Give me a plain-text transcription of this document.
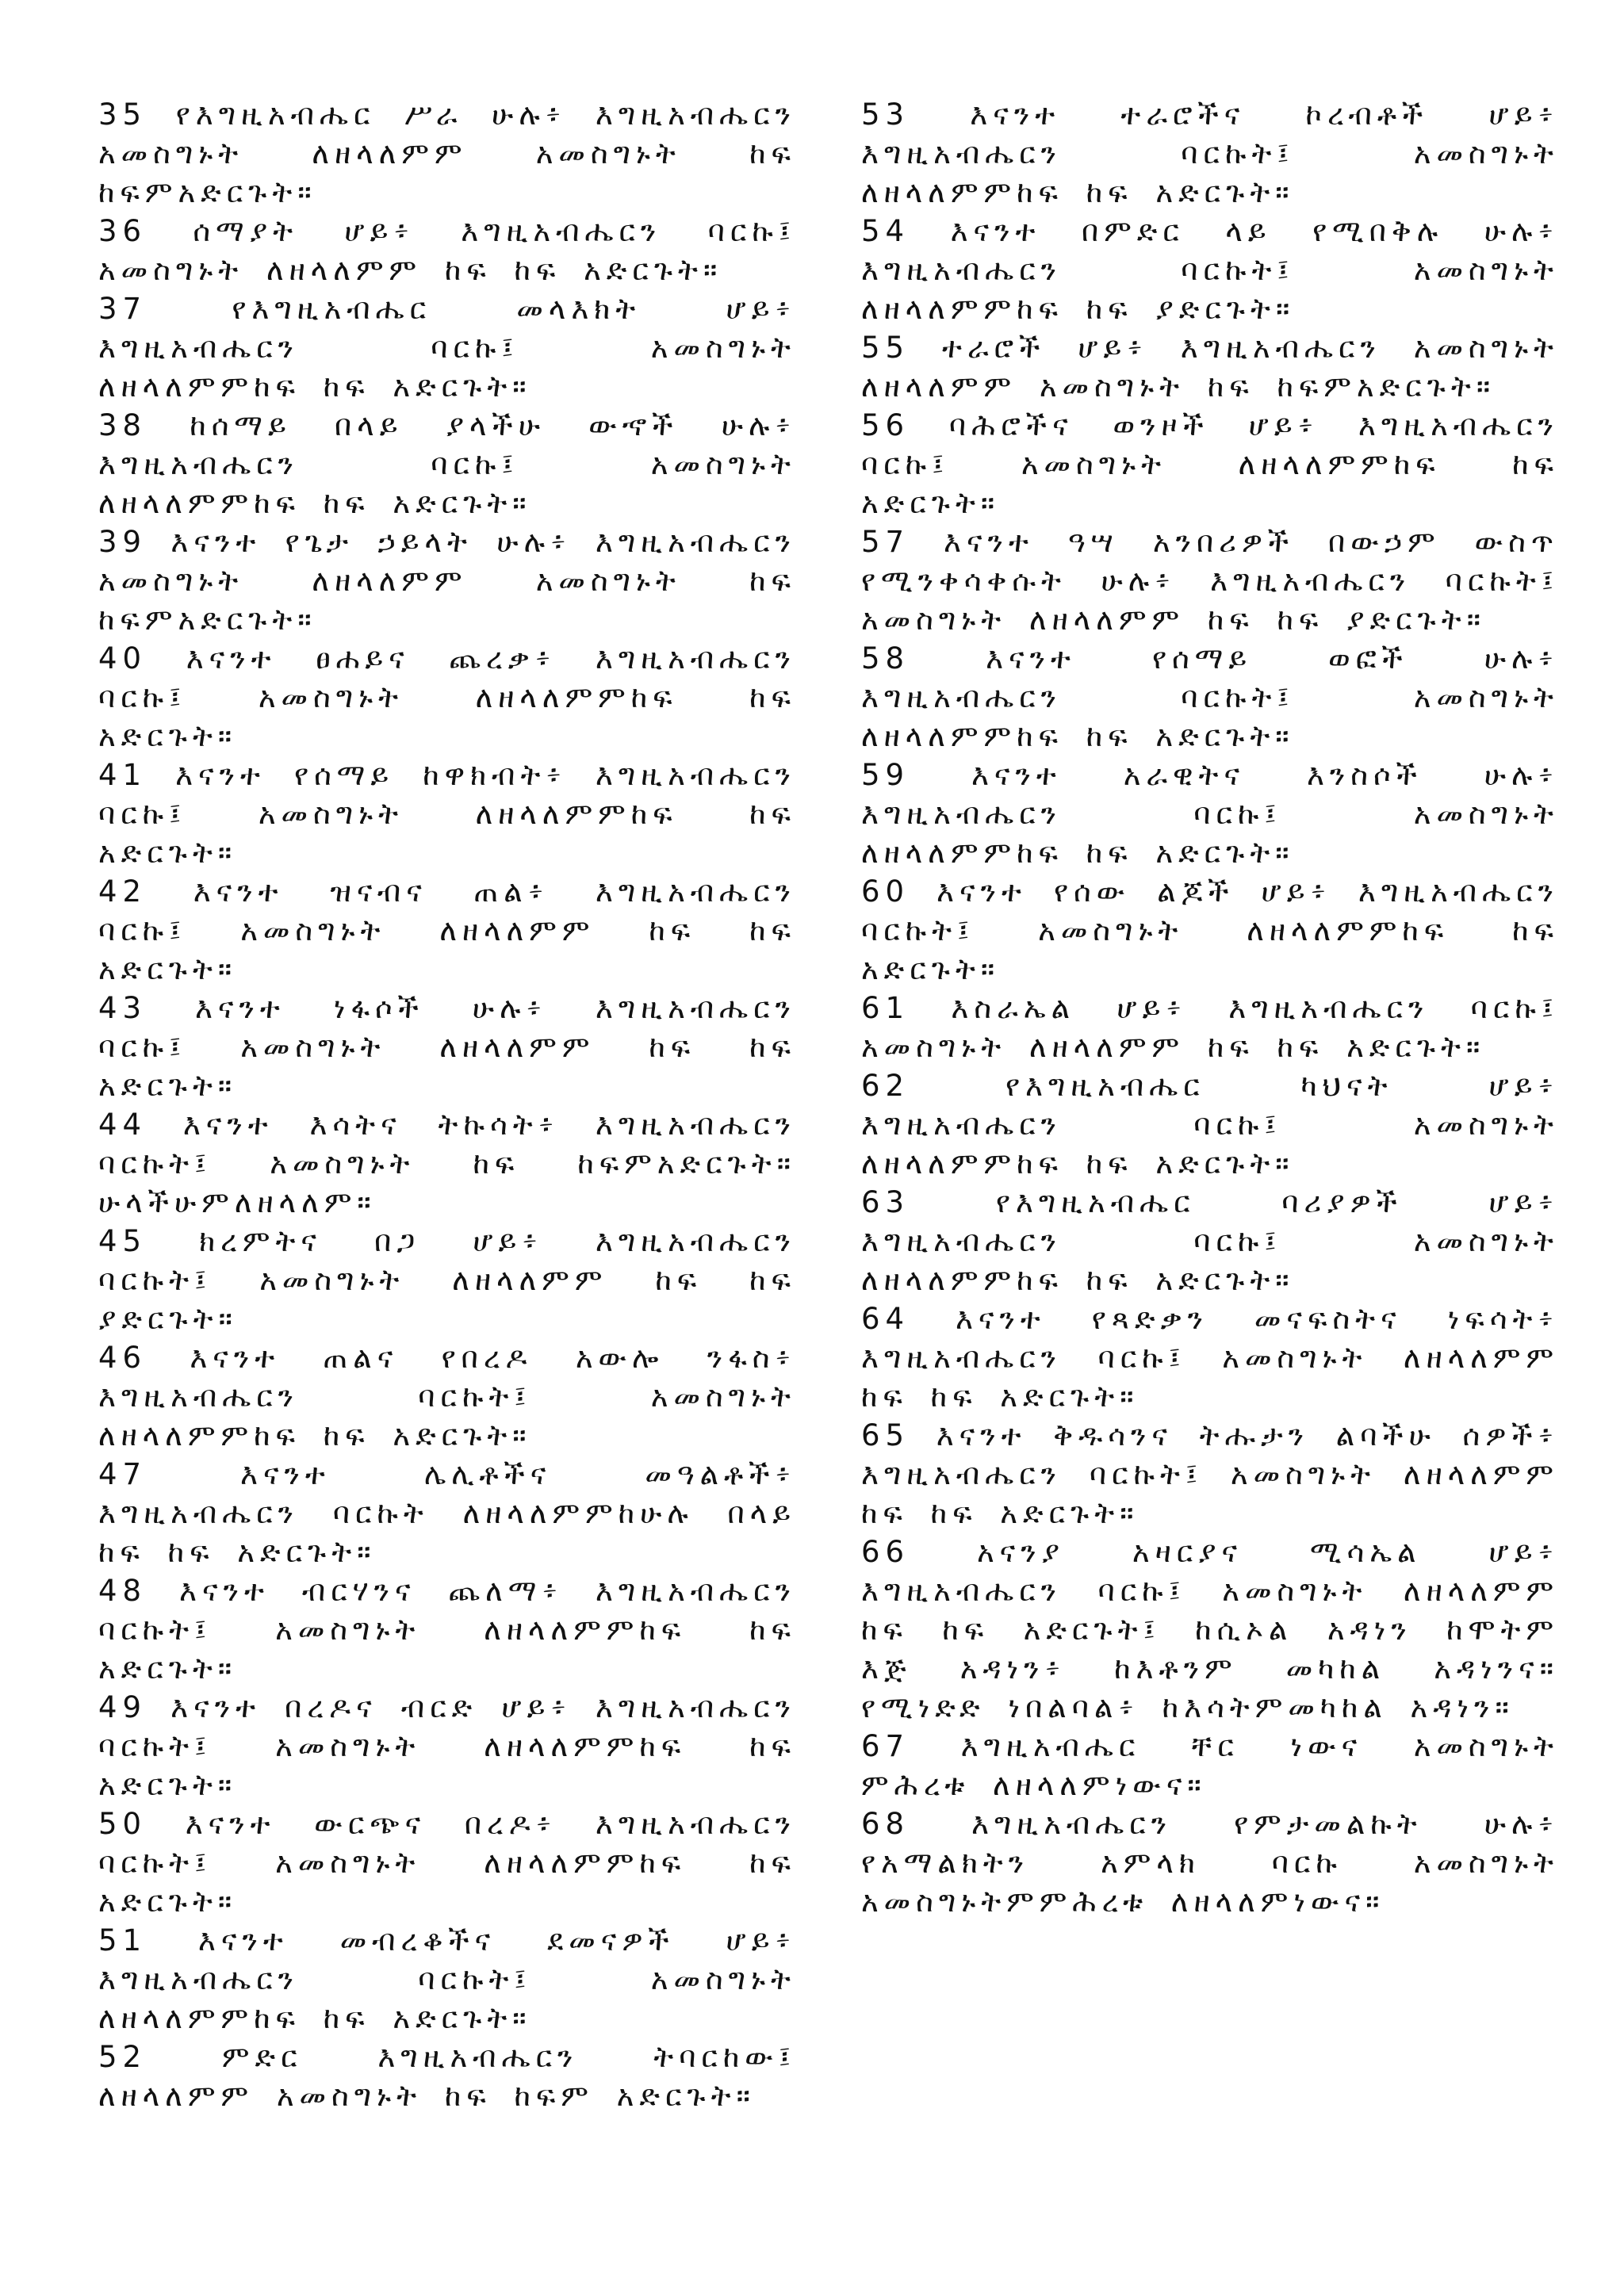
35 የእግዚአብሔር ሥራ ሁሉ፥ እግዚአብሔርን አመስግኑት ለዘላለምም አመስግኑት ከፍ ከፍምአድርጉት።

36 ሰማያት ሆይ፥ እግዚአብሔርን ባርኩ፤ አመስግኑት ለዘላለምም ከፍ ከፍ አድርጉት።

37 የእግዚአብሔር መላእክት ሆይ፥ እግዚአብሔርን ባርኩ፤ አመስግኑት ለዘላለምምከፍ ከፍ አድርጉት።

38 ከሰማይ በላይ ያላችሁ ውኆች ሁሉ፥ እግዚአብሔርን ባርኩ፤ አመስግኑት ለዘላለምምከፍ ከፍ አድርጉት።

39 እናንተ የጌታ ኃይላት ሁሉ፥ እግዚአብሔርን አመስግኑት ለዘላለምም አመስግኑት ከፍ ከፍምአድርጉት።

40 እናንተ ፀሐይና ጨረቃ፥ እግዚአብሔርን ባርኩ፤ አመስግኑት ለዘላለምምከፍ ከፍ አድርጉት።

41 እናንተ የሰማይ ከዋክብት፥ እግዚአብሔርን ባርኩ፤ አመስግኑት ለዘላለምምከፍ ከፍ አድርጉት።

42 እናንተ ዝናብና ጠል፥ እግዚአብሔርን ባርኩ፤ አመስግኑት ለዘላለምም ከፍ ከፍ አድርጉት።

43 እናንተ ነፋሶች ሁሉ፥ እግዚአብሔርን ባርኩ፤ አመስግኑት ለዘላለምም ከፍ ከፍ አድርጉት።

44 እናንተ እሳትና ትኩሳት፥ እግዚአብሔርን ባርኩት፤ አመስግኑት ከፍ ከፍምአድርጉት። ሁላችሁምለዘላለም።

45 ክረምትና በጋ ሆይ፥ እግዚአብሔርን ባርኩት፤ አመስግኑት ለዘላለምም ከፍ ከፍ ያድርጉት።

46 እናንተ ጠልና የበረዶ አውሎ ንፋስ፥ እግዚአብሔርን ባርኩት፤ አመስግኑት ለዘላለምምከፍ ከፍ አድርጉት።

47 እናንተ ሌሊቶችና መዓልቶች፥ እግዚአብሔርን ባርኩት ለዘላለምምከሁሉ በላይ ከፍ ከፍ አድርጉት።

48 እናንተ ብርሃንና ጨለማ፥ እግዚአብሔርን ባርኩት፤ አመስግኑት ለዘላለምምከፍ ከፍ አድርጉት።

49 እናንተ በረዶና ብርድ ሆይ፥ እግዚአብሔርን ባርኩት፤ አመስግኑት ለዘላለምምከፍ ከፍ አድርጉት።

50 እናንተ ውርጭና በረዶ፥ እግዚአብሔርን ባርኩት፤ አመስግኑት ለዘላለምምከፍ ከፍ አድርጉት።

51 እናንተ መብረቆችና ደመናዎች ሆይ፥ እግዚአብሔርን ባርኩት፤ አመስግኑት ለዘላለምምከፍ ከፍ አድርጉት።

52 ምድር እግዚአብሔርን ትባርከው፤ ለዘላለምም አመስግኑት ከፍ ከፍም አድርጉት።

53 እናንተ ተራሮችና ኮረብቶች ሆይ፥ እግዚአብሔርን ባርኩት፤ አመስግኑት ለዘላለምምከፍ ከፍ አድርጉት።

54 እናንተ በምድር ላይ የሚበቅሉ ሁሉ፥ እግዚአብሔርን ባርኩት፤ አመስግኑት ለዘላለምምከፍ ከፍ ያድርጉት።

55 ተራሮች ሆይ፥ እግዚአብሔርን አመስግኑት ለዘላለምም አመስግኑት ከፍ ከፍምአድርጉት።

56 ባሕሮችና ወንዞች ሆይ፥ እግዚአብሔርን ባርኩ፤ አመስግኑት ለዘላለምምከፍ ከፍ አድርጉት።

57 እናንተ ዓሣ አንበሪዎች በውኃም ውስጥ የሚንቀሳቀሱት ሁሉ፥ እግዚአብሔርን ባርኩት፤ አመስግኑት ለዘላለምም ከፍ ከፍ ያድርጉት።

58 እናንተ የሰማይ ወፎች ሁሉ፥ እግዚአብሔርን ባርኩት፤ አመስግኑት ለዘላለምምከፍ ከፍ አድርጉት።

59 እናንተ አራዊትና እንስሶች ሁሉ፥ እግዚአብሔርን ባርኩ፤ አመስግኑት ለዘላለምምከፍ ከፍ አድርጉት።

60 እናንተ የሰው ልጆች ሆይ፥ እግዚአብሔርን ባርኩት፤ አመስግኑት ለዘላለምምከፍ ከፍ አድርጉት።

61 እስራኤል ሆይ፥ እግዚአብሔርን ባርኩ፤ አመስግኑት ለዘላለምም ከፍ ከፍ አድርጉት።

62 የእግዚአብሔር ካህናት ሆይ፥ እግዚአብሔርን ባርኩ፤ አመስግኑት ለዘላለምምከፍ ከፍ አድርጉት።

63 የእግዚአብሔር ባሪያዎች ሆይ፥ እግዚአብሔርን ባርኩ፤ አመስግኑት ለዘላለምምከፍ ከፍ አድርጉት።

64 እናንተ የጻድቃን መናፍስትና ነፍሳት፥ እግዚአብሔርን ባርኩ፤ አመስግኑት ለዘላለምም ከፍ ከፍ አድርጉት።

65 እናንተ ቅዱሳንና ትሑታን ልባችሁ ሰዎች፥ እግዚአብሔርን ባርኩት፤ አመስግኑት ለዘላለምም ከፍ ከፍ አድርጉት።

66 አናንያ አዛርያና ሚሳኤል ሆይ፥ እግዚአብሔርን ባርኩ፤ አመስግኑት ለዘላለምም ከፍ ከፍ አድርጉት፤ ከሲኦል አዳነን ከሞትም እጅ አዳነን፥ ከእቶንም መካከል አዳነንና። የሚነድድ ነበልባል፥ ከእሳትምመካከል አዳነን።

67 እግዚአብሔር ቸር ነውና አመስግኑት ምሕረቱ ለዘላለምነውና።

68 እግዚአብሔርን የምታመልኩት ሁሉ፥ የአማልክትን አምላክ ባርኩ አመስግኑት አመስግኑትምምሕረቱ ለዘላለምነውና።
